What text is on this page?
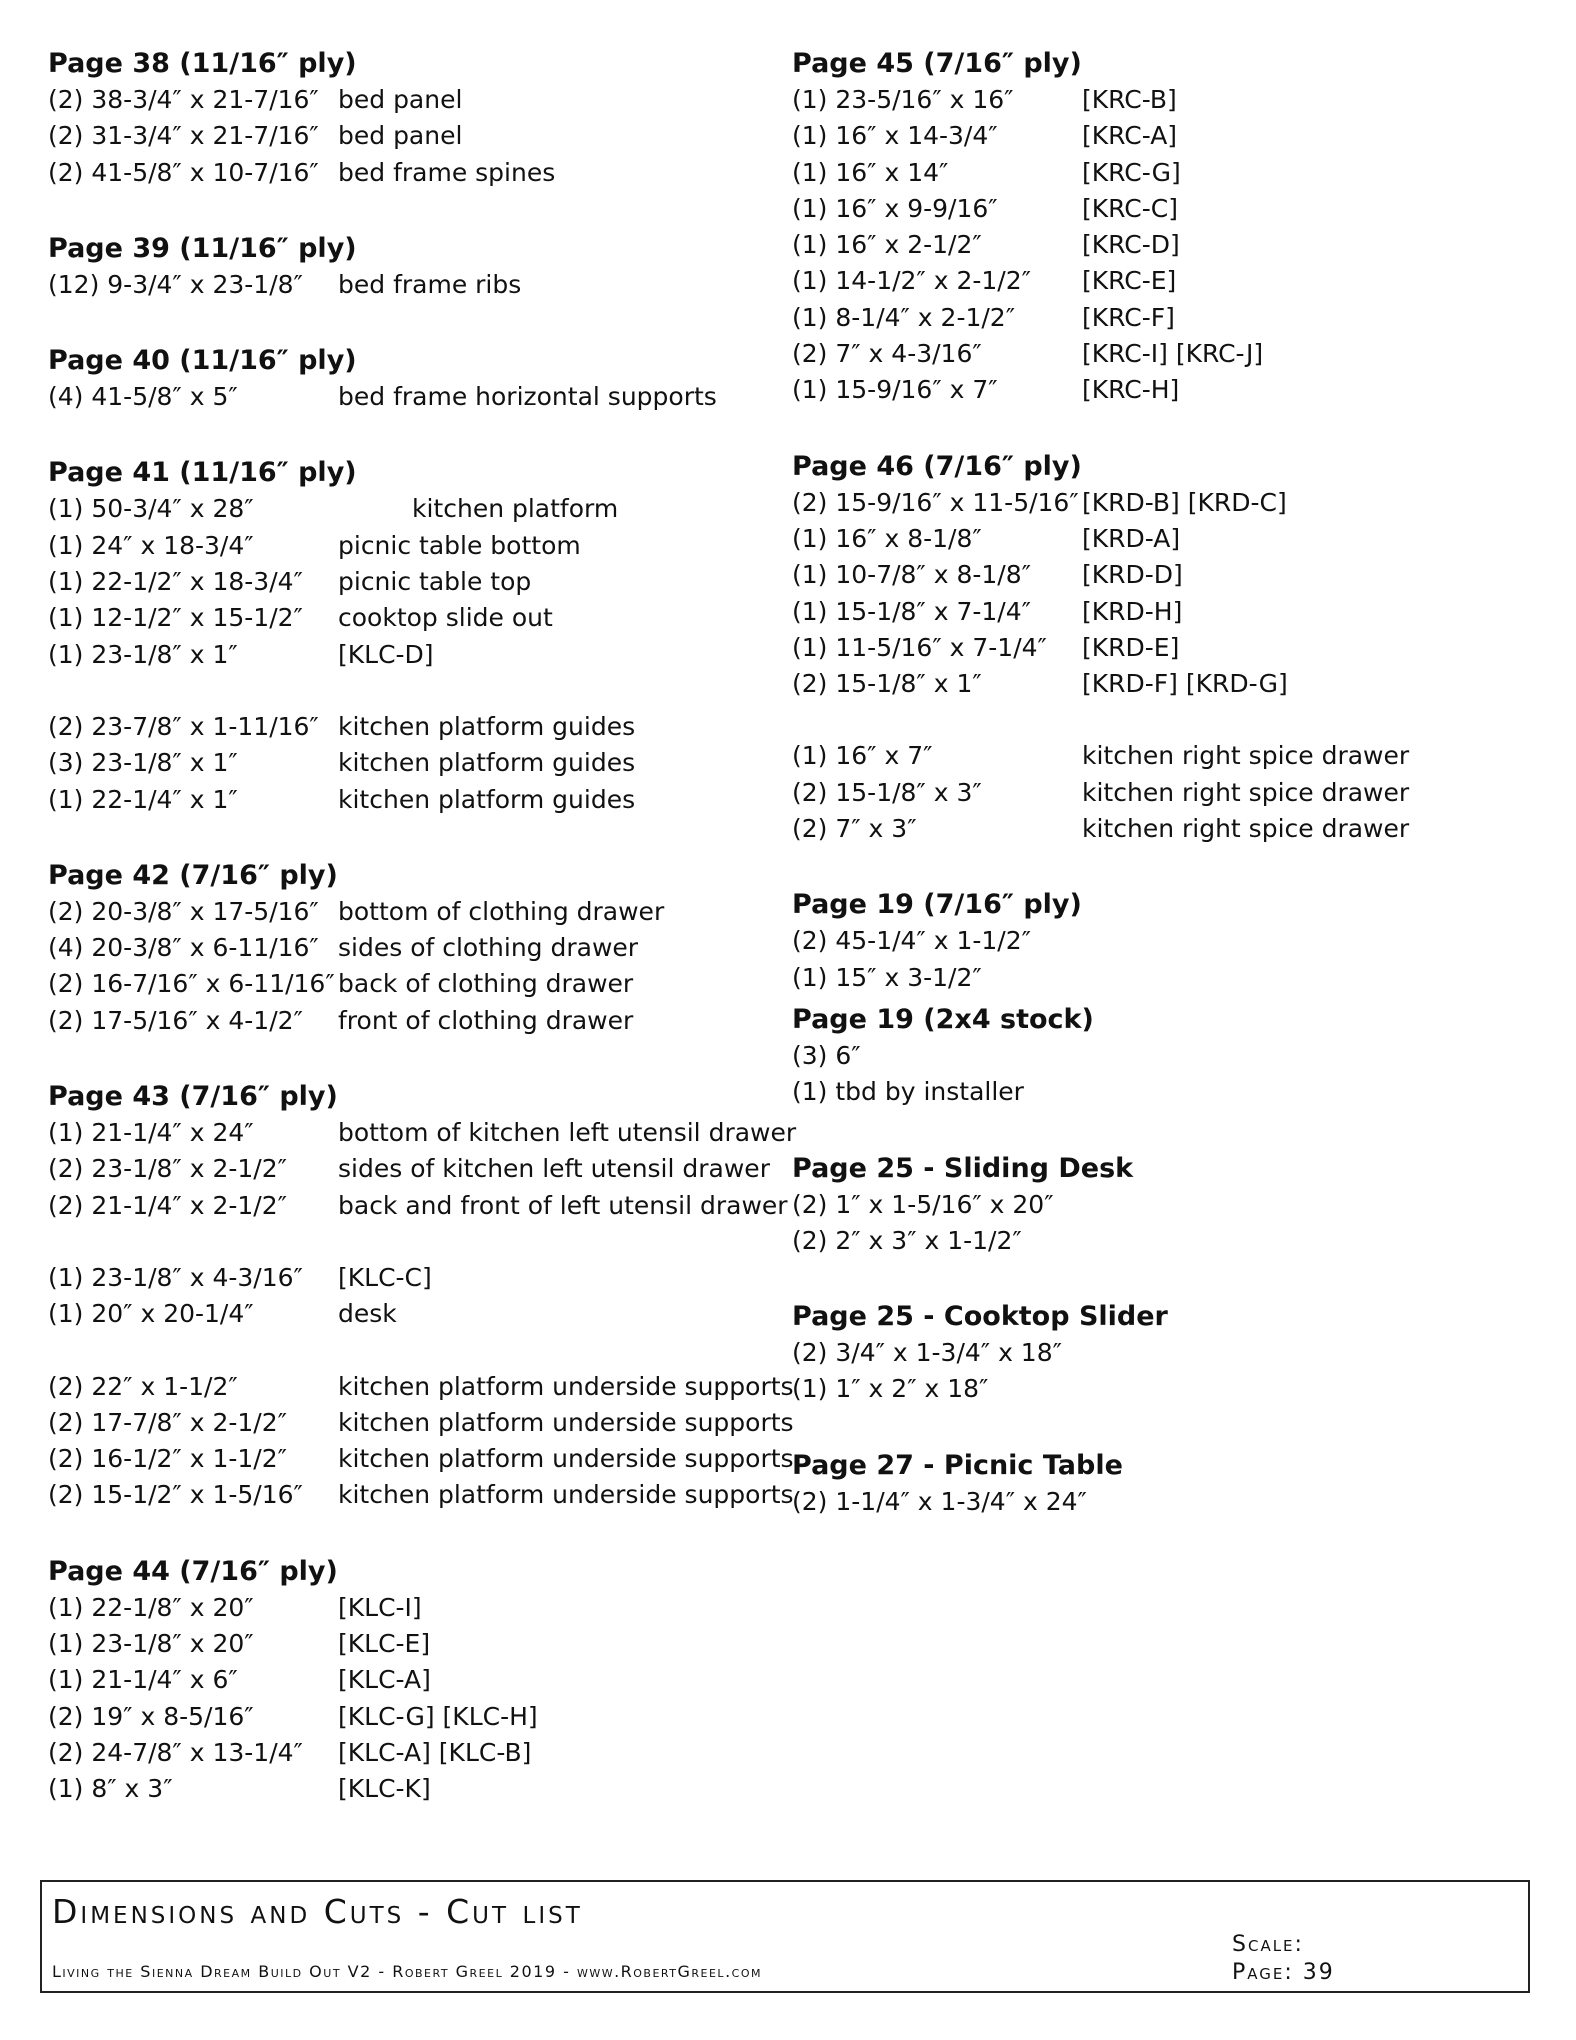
Page 38 (11/16″ ply)
(2) 38-3/4″ x 21-7/16″ bed panel
(2) 31-3/4″ x 21-7/16″ bed panel
(2) 41-5/8″ x 10-7/16″ bed frame spines
Page 39 (11/16″ ply)
(12) 9-3/4″ x 23-1/8″ bed frame ribs
Page 40 (11/16″ ply)
(4) 41-5/8″ x 5″	bed frame horizontal supports
Page 41 (11/16″ ply)
(1) 50-3/4″ x 28″	kitchen platform
(1) 24″ x 18-3/4″	picnic table bottom
(1) 22-1/2″ x 18-3/4″ picnic table top
(1) 12-1/2″ x 15-1/2″ cooktop slide out
(1) 23-1/8″ x 1″	[KLC-D]
(2) 23-7/8″ x 1-11/16″ kitchen platform guides
(3) 23-1/8″ x 1″	kitchen platform guides
(1) 22-1/4″ x 1″	kitchen platform guides
Page 42 (7/16″ ply)
(2) 20-3/8″ x 17-5/16″ bottom of clothing drawer
(4) 20-3/8″ x 6-11/16″ sides of clothing drawer
(2) 16-7/16″ x 6-11/16″ back of clothing drawer
(2) 17-5/16″ x 4-1/2″ front of clothing drawer
Page 43 (7/16″ ply)
(1) 21-1/4″ x 24″	bottom of kitchen left utensil drawer
(2) 23-1/8″ x 2-1/2″ sides of kitchen left utensil drawer
(2) 21-1/4″ x 2-1/2″ back and front of left utensil drawer
(1) 23-1/8″ x 4-3/16″ [KLC-C]
(1) 20″ x 20-1/4″	desk
(2) 22″ x 1-1/2″	kitchen platform underside supports
(2) 17-7/8″ x 2-1/2″ kitchen platform underside supports
(2) 16-1/2″ x 1-1/2″ kitchen platform underside supports
(2) 15-1/2″ x 1-5/16″ kitchen platform underside supports
Page 44 (7/16″ ply)
(1) 22-1/8″ x 20″	[KLC-I]
(1) 23-1/8″ x 20″	[KLC-E]
(1) 21-1/4″ x 6″	[KLC-A]
(2) 19″ x 8-5/16″	[KLC-G] [KLC-H]
(2) 24-7/8″ x 13-1/4″ [KLC-A] [KLC-B]
(1) 8″ x 3″	[KLC-K]
Page 45 (7/16″ ply)
(1) 23-5/16″ x 16″	[KRC-B]
(1) 16″ x 14-3/4″	[KRC-A]
(1) 16″ x 14″	[KRC-G]
(1) 16″ x 9-9/16″	[KRC-C]
(1) 16″ x 2-1/2″	[KRC-D]
(1) 14-1/2″ x 2-1/2″ [KRC-E]
(1) 8-1/4″ x 2-1/2″	[KRC-F]
(2) 7″ x 4-3/16″	[KRC-I] [KRC-J]
(1) 15-9/16″ x 7″	[KRC-H]
Page 46 (7/16″ ply)
(2) 15-9/16″ x 11-5/16″ [KRD-B] [KRD-C]
(1) 16″ x 8-1/8″	[KRD-A]
(1) 10-7/8″ x 8-1/8″ [KRD-D]
(1) 15-1/8″ x 7-1/4″ [KRD-H]
(1) 11-5/16″ x 7-1/4″ [KRD-E]
(2) 15-1/8″ x 1″	[KRD-F] [KRD-G]
(1) 16″ x 7″	kitchen right spice drawer
(2) 15-1/8″ x 3″	kitchen right spice drawer
(2) 7″ x 3″	kitchen right spice drawer
Page 19 (7/16″ ply)
(2) 45-1/4″ x 1-1/2″
(1) 15″ x 3-1/2″
Page 19 (2x4 stock)
(3) 6″
(1) tbd by installer
Page 25 - Sliding Desk
(2) 1″ x 1-5/16″ x 20″
(2) 2″ x 3″ x 1-1/2″
Page 25 - Cooktop Slider
(2) 3/4″ x 1-3/4″ x 18″
(1) 1″ x 2″ x 18″
Page 27 - Picnic Table
(2) 1-1/4″ x 1-3/4″ x 24″
Dimensions and Cuts - Cut list
Living the Sienna Dream Build Out V2 - Robert Greel 2019 - www.RobertGreel.com
Scale:
Page: 39
